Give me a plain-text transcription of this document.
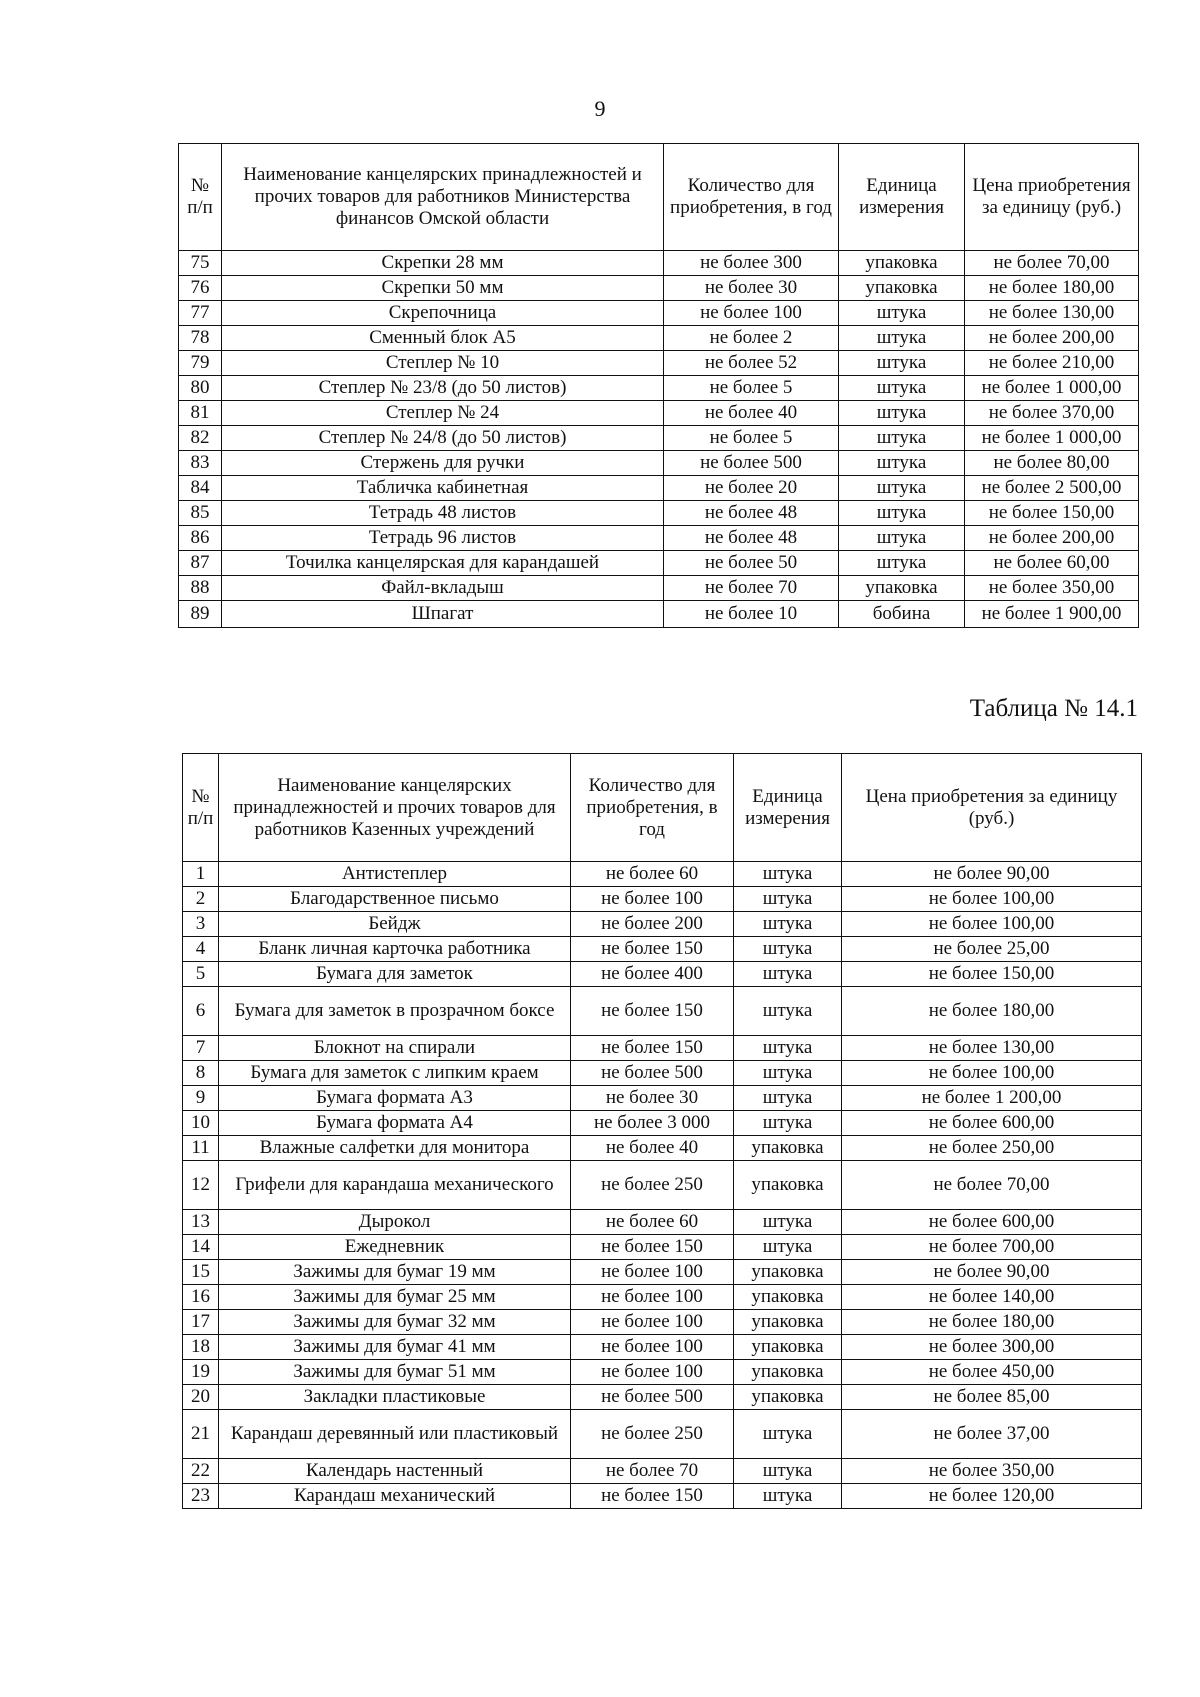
9
№ п/п	Наименование канцелярских принадлежностей и прочих товаров для работников Министерства финансов Омской области	Количество для приобретения, в год	Единица измерения	Цена приобретения за единицу (руб.)
75	Скрепки 28 мм	не более 300	упаковка	не более 70,00
76	Скрепки 50 мм	не более 30	упаковка	не более 180,00
77	Скрепочница	не более 100	штука	не более 130,00
78	Сменный блок А5	не более 2	штука	не более 200,00
79	Степлер № 10	не более 52	штука	не более 210,00
80	Степлер № 23/8 (до 50 листов)	не более 5	штука	не более 1 000,00
81	Степлер № 24	не более 40	штука	не более 370,00
82	Степлер № 24/8 (до 50 листов)	не более 5	штука	не более 1 000,00
83	Стержень для ручки	не более 500	штука	не более 80,00
84	Табличка кабинетная	не более 20	штука	не более 2 500,00
85	Тетрадь 48 листов	не более 48	штука	не более 150,00
86	Тетрадь 96 листов	не более 48	штука	не более 200,00
87	Точилка канцелярская для карандашей	не более 50	штука	не более 60,00
88	Файл-вкладыш	не более 70	упаковка	не более 350,00
89	Шпагат	не более 10	бобина	не более 1 900,00
Таблица № 14.1
№ п/п	Наименование канцелярских принадлежностей и прочих товаров для работников Казенных учреждений	Количество для приобретения, в год	Единица измерения	Цена приобретения за единицу (руб.)
1	Антистеплер	не более 60	штука	не более 90,00
2	Благодарственное письмо	не более 100	штука	не более 100,00
3	Бейдж	не более 200	штука	не более 100,00
4	Бланк личная карточка работника	не более 150	штука	не более 25,00
5	Бумага для заметок	не более 400	штука	не более 150,00
6	Бумага для заметок в прозрачном боксе	не более 150	штука	не более 180,00
7	Блокнот на спирали	не более 150	штука	не более 130,00
8	Бумага для заметок с липким краем	не более 500	штука	не более 100,00
9	Бумага формата А3	не более 30	штука	не более 1 200,00
10	Бумага формата А4	не более 3 000	штука	не более 600,00
11	Влажные салфетки для монитора	не более 40	упаковка	не более 250,00
12	Грифели для карандаша механического	не более 250	упаковка	не более 70,00
13	Дырокол	не более 60	штука	не более 600,00
14	Ежедневник	не более 150	штука	не более 700,00
15	Зажимы для бумаг 19 мм	не более 100	упаковка	не более 90,00
16	Зажимы для бумаг 25 мм	не более 100	упаковка	не более 140,00
17	Зажимы для бумаг 32 мм	не более 100	упаковка	не более 180,00
18	Зажимы для бумаг 41 мм	не более 100	упаковка	не более 300,00
19	Зажимы для бумаг 51 мм	не более 100	упаковка	не более 450,00
20	Закладки пластиковые	не более 500	упаковка	не более 85,00
21	Карандаш деревянный или пластиковый	не более 250	штука	не более 37,00
22	Календарь настенный	не более 70	штука	не более 350,00
23	Карандаш механический	не более 150	штука	не более 120,00
